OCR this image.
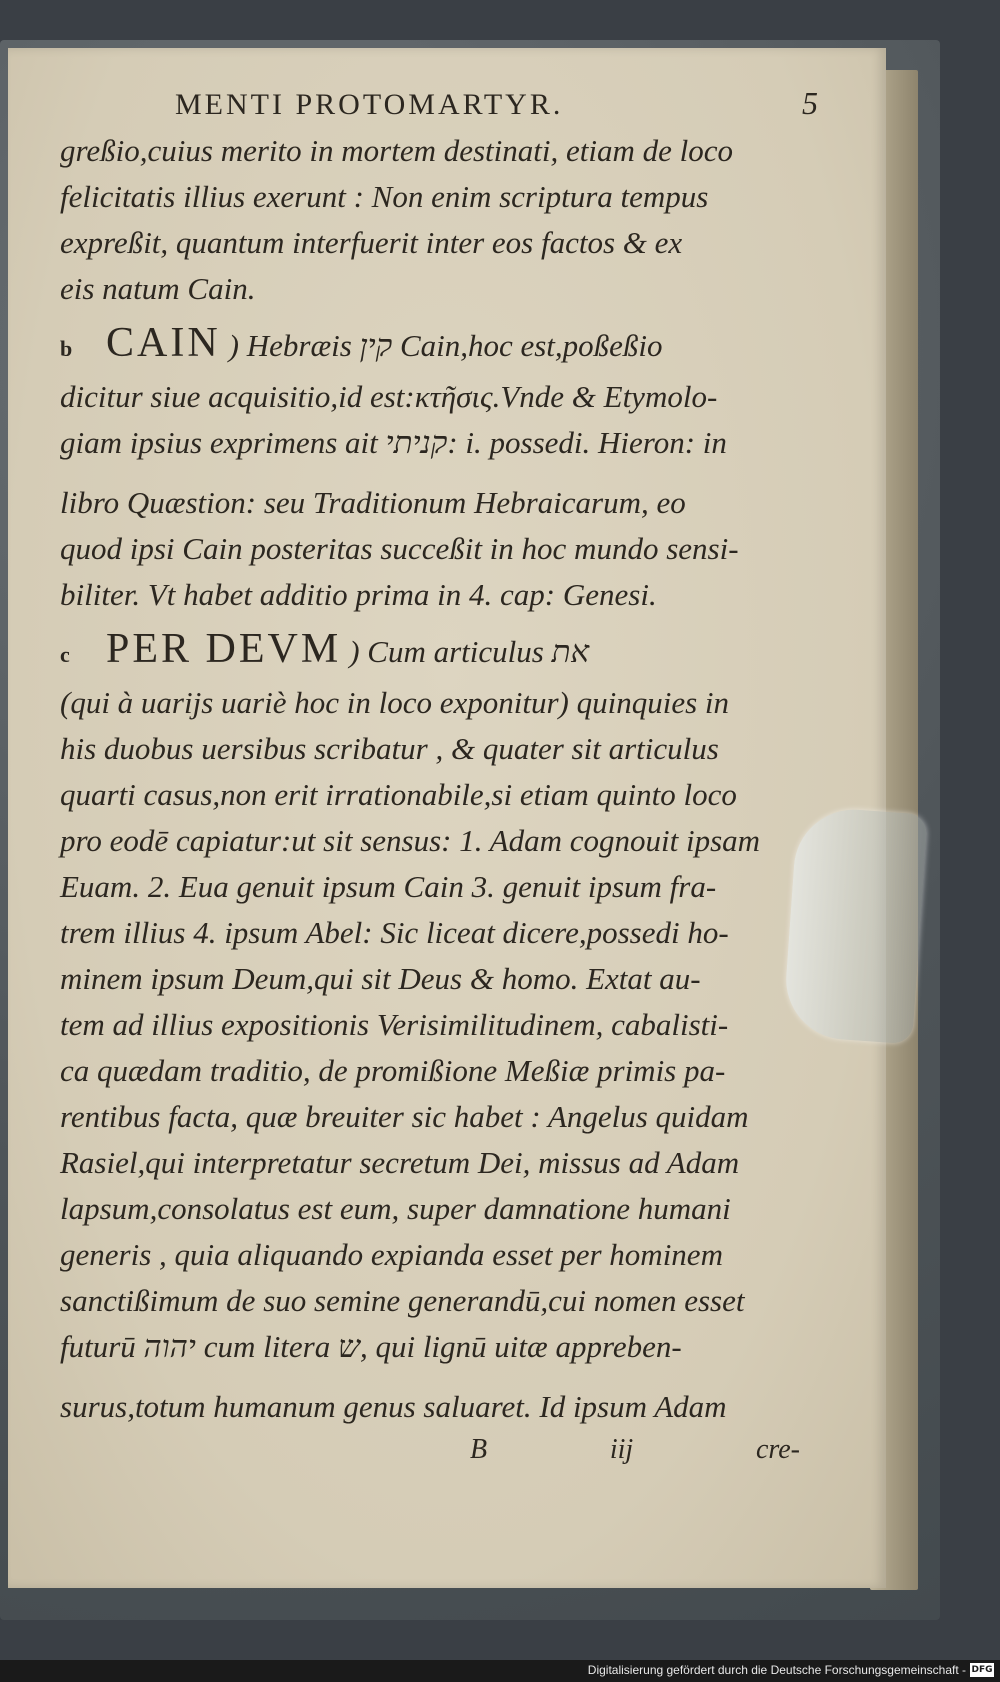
MENTI PROTOMARTYR.	5
greßio,cuius merito in mortem destinati, etiam de loco
felicitatis illius exerunt : Non enim scriptura tempus
expreßit, quantum interfuerit inter eos factos & ex
eis natum Cain.
b CAIN ) Hebræis קין Cain,hoc est,poßeßio
dicitur siue acquisitio,id est:κτῆσις.Vnde & Etymolo-
giam ipsius exprimens ait קניתי: i. possedi. Hieron: in
libro Quæstion: seu Traditionum Hebraicarum, eo
quod ipsi Cain posteritas succeßit in hoc mundo sensi-
biliter. Vt habet additio prima in 4. cap: Genesi.
c PER DEVM ) Cum articulus את
(qui à uarijs uariè hoc in loco exponitur) quinquies in
his duobus uersibus scribatur , & quater sit articulus
quarti casus,non erit irrationabile,si etiam quinto loco
pro eodē capiatur:ut sit sensus: 1. Adam cognouit ipsam
Euam. 2. Eua genuit ipsum Cain 3. genuit ipsum fra-
trem illius 4. ipsum Abel: Sic liceat dicere,possedi ho-
minem ipsum Deum,qui sit Deus & homo. Extat au-
tem ad illius expositionis Verisimilitudinem, cabalisti-
ca quædam traditio, de promißione Meßiæ primis pa-
rentibus facta, quæ breuiter sic habet : Angelus quidam
Rasiel,qui interpretatur secretum Dei, missus ad Adam
lapsum,consolatus est eum, super damnatione humani
generis , quia aliquando expianda esset per hominem
sanctißimum de suo semine generandū,cui nomen esset
futurū יהוה cum litera ש, qui lignū uitæ appreben-
surus,totum humanum genus saluaret. Id ipsum Adam
B	iij	cre-
Digitalisierung gefördert durch die Deutsche Forschungsgemeinschaft - DFG
